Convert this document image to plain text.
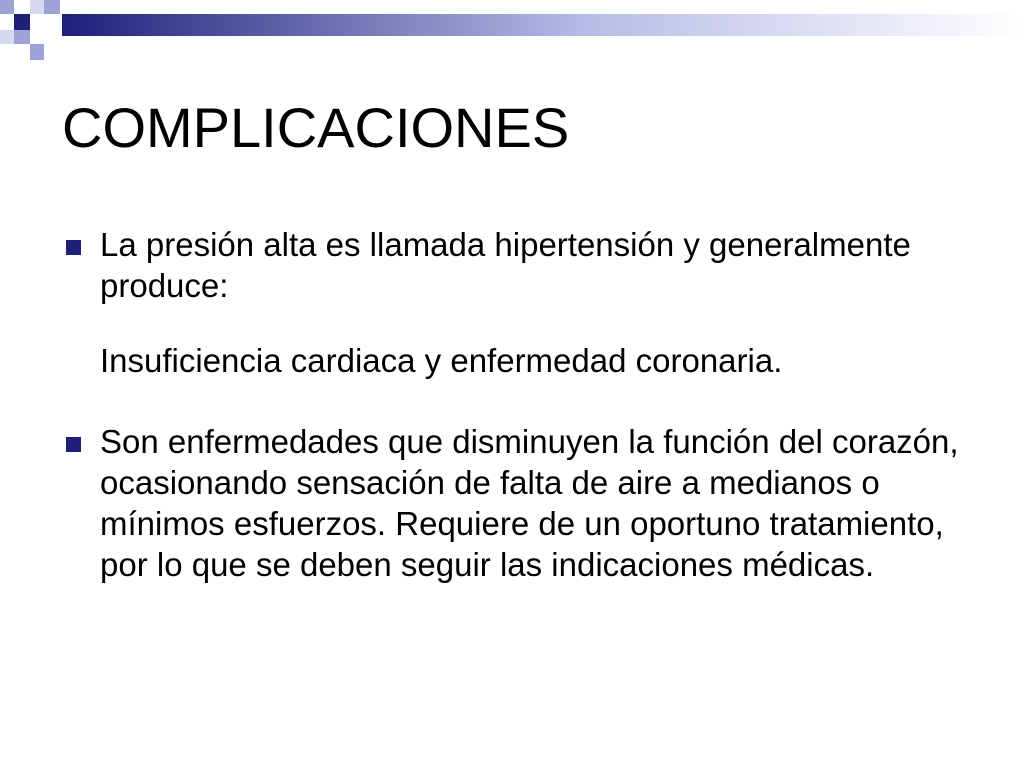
COMPLICACIONES
La presión alta es llamada hipertensión y generalmente produce:
Insuficiencia cardiaca y enfermedad coronaria.
Son enfermedades que disminuyen la función del corazón, ocasionando sensación de falta de aire a medianos o mínimos esfuerzos. Requiere de un oportuno tratamiento, por lo que se deben seguir las indicaciones médicas.
